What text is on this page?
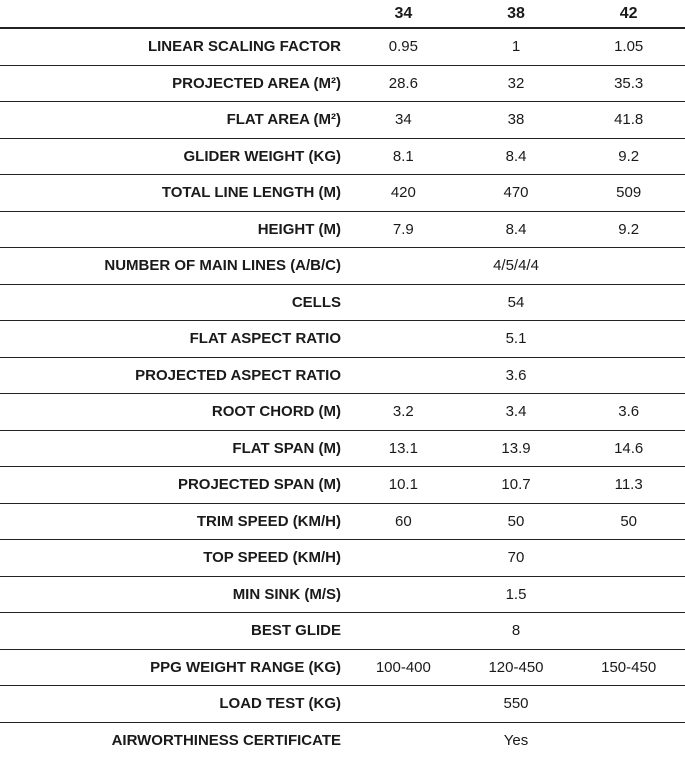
	34	38	42
LINEAR SCALING FACTOR	0.95	1	1.05
PROJECTED AREA (M²)	28.6	32	35.3
FLAT AREA (M²)	34	38	41.8
GLIDER WEIGHT (KG)	8.1	8.4	9.2
TOTAL LINE LENGTH (M)	420	470	509
HEIGHT (M)	7.9	8.4	9.2
NUMBER OF MAIN LINES (A/B/C)	4/5/4/4		
CELLS	54		
FLAT ASPECT RATIO	5.1		
PROJECTED ASPECT RATIO	3.6		
ROOT CHORD (M)	3.2	3.4	3.6
FLAT SPAN (M)	13.1	13.9	14.6
PROJECTED SPAN (M)	10.1	10.7	11.3
TRIM SPEED (KM/H)	60	50	50
TOP SPEED (KM/H)	70		
MIN SINK (M/S)	1.5		
BEST GLIDE	8		
PPG WEIGHT RANGE (KG)	100-400	120-450	150-450
LOAD TEST (KG)	550		
AIRWORTHINESS CERTIFICATE	Yes		
